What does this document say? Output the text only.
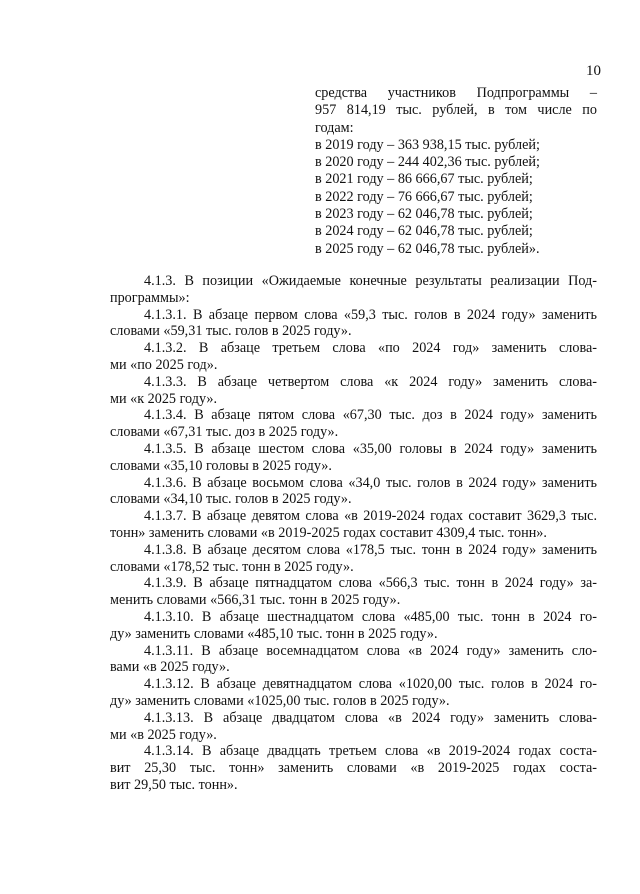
10
средства участников Подпрограммы –
957 814,19 тыс. рублей, в том числе по
годам:
в 2019 году – 363 938,15 тыс. рублей;
в 2020 году – 244 402,36 тыс. рублей;
в 2021 году – 86 666,67 тыс. рублей;
в 2022 году – 76 666,67 тыс. рублей;
в 2023 году – 62 046,78 тыс. рублей;
в 2024 году – 62 046,78 тыс. рублей;
в 2025 году – 62 046,78 тыс. рублей».
4.1.3. В позиции «Ожидаемые конечные результаты реализации Под-
программы»:
4.1.3.1. В абзаце первом слова «59,3 тыс. голов в 2024 году» заменить
словами «59,31 тыс. голов в 2025 году».
4.1.3.2. В абзаце третьем слова «по 2024 год» заменить слова-
ми «по 2025 год».
4.1.3.3. В абзаце четвертом слова «к 2024 году» заменить слова-
ми «к 2025 году».
4.1.3.4. В абзаце пятом слова «67,30 тыс. доз в 2024 году» заменить
словами «67,31 тыс. доз в 2025 году».
4.1.3.5. В абзаце шестом слова «35,00 головы в 2024 году» заменить
словами «35,10 головы в 2025 году».
4.1.3.6. В абзаце восьмом слова «34,0 тыс. голов в 2024 году» заменить
словами «34,10 тыс. голов в 2025 году».
4.1.3.7. В абзаце девятом слова «в 2019-2024 годах составит 3629,3 тыс.
тонн» заменить словами «в 2019-2025 годах составит 4309,4 тыс. тонн».
4.1.3.8. В абзаце десятом слова «178,5 тыс. тонн в 2024 году» заменить
словами «178,52 тыс. тонн в 2025 году».
4.1.3.9. В абзаце пятнадцатом слова «566,3 тыс. тонн в 2024 году» за-
менить словами «566,31 тыс. тонн в 2025 году».
4.1.3.10. В абзаце шестнадцатом слова «485,00 тыс. тонн в 2024 го-
ду» заменить словами «485,10 тыс. тонн в 2025 году».
4.1.3.11. В абзаце восемнадцатом слова «в 2024 году» заменить сло-
вами «в 2025 году».
4.1.3.12. В абзаце девятнадцатом слова «1020,00 тыс. голов в 2024 го-
ду» заменить словами «1025,00 тыс. голов в 2025 году».
4.1.3.13. В абзаце двадцатом слова «в 2024 году» заменить слова-
ми «в 2025 году».
4.1.3.14. В абзаце двадцать третьем слова «в 2019-2024 годах соста-
вит 25,30 тыс. тонн» заменить словами «в 2019-2025 годах соста-
вит 29,50 тыс. тонн».
